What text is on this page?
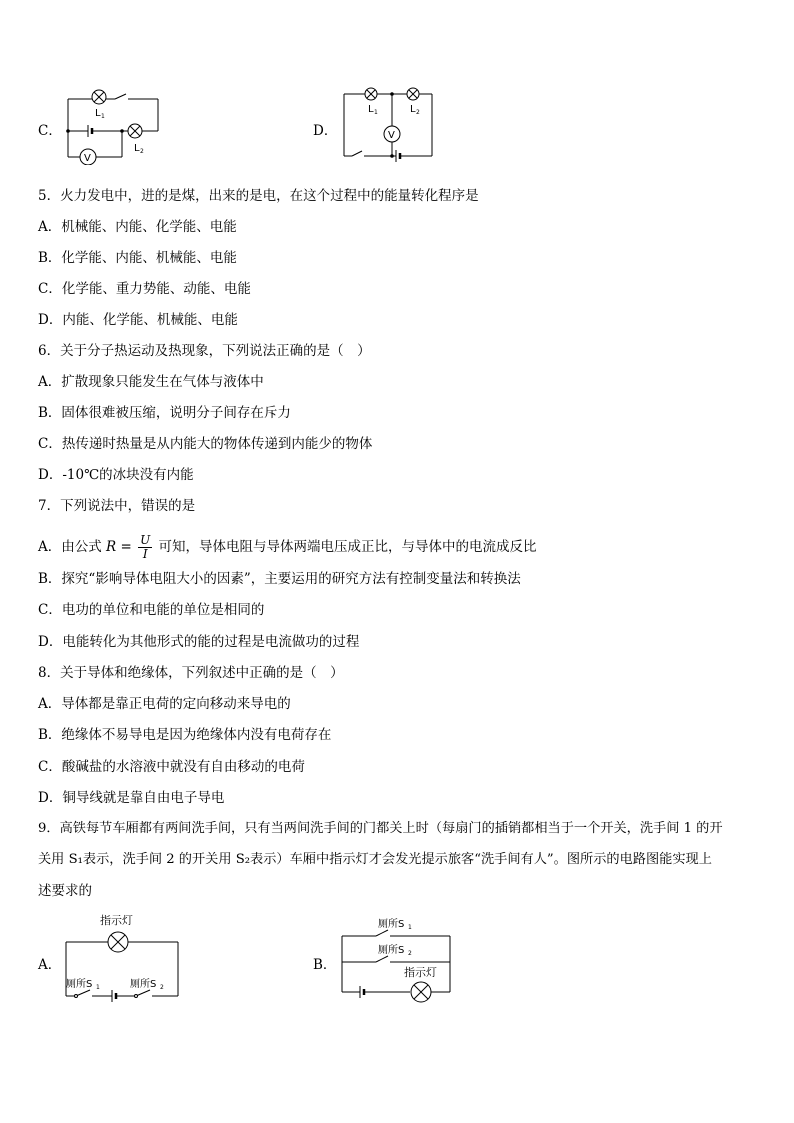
C．
V
L 1
L 2
D．	V
L 1	L 2
5．火力发电中，进的是煤，出来的是电，在这个过程中的能量转化程序是
A．机械能、内能、化学能、电能
B．化学能、内能、机械能、电能
C．化学能、重力势能、动能、电能
D．内能、化学能、机械能、电能
6．关于分子热运动及热现象，下列说法正确的是（　）
A．扩散现象只能发生在气体与液体中
B．固体很难被压缩，说明分子间存在斥力
C．热传递时热量是从内能大的物体传递到内能少的物体
D．-10℃的冰块没有内能
7．下列说法中，错误的是
A．由公式 $R = \frac{U}{I}$ 可知，导体电阻与导体两端电压成正比，与导体中的电流成反比
B．探究“影响导体电阻大小的因素”，主要运用的研究方法有控制变量法和转换法
C．电功的单位和电能的单位是相同的
D．电能转化为其他形式的能的过程是电流做功的过程
8．关于导体和绝缘体，下列叙述中正确的是（　）
A．导体都是靠正电荷的定向移动来导电的
B．绝缘体不易导电是因为绝缘体内没有电荷存在
C．酸碱盐的水溶液中就没有自由移动的电荷
D．铜导线就是靠自由电子导电
9．高铁每节车厢都有两间洗手间，只有当两间洗手间的门都关上时（每扇门的插销都相当于一个开关，洗手间 1 的开
关用 S₁表示，洗手间 2 的开关用 S₂表示）车厢中指示灯才会发光提示旅客“洗手间有人”。图所示的电路图能实现上
述要求的
A．
指示灯
厕所S 1	厕所S 2
B．
厕所S 1
厕所S 2
指示灯
